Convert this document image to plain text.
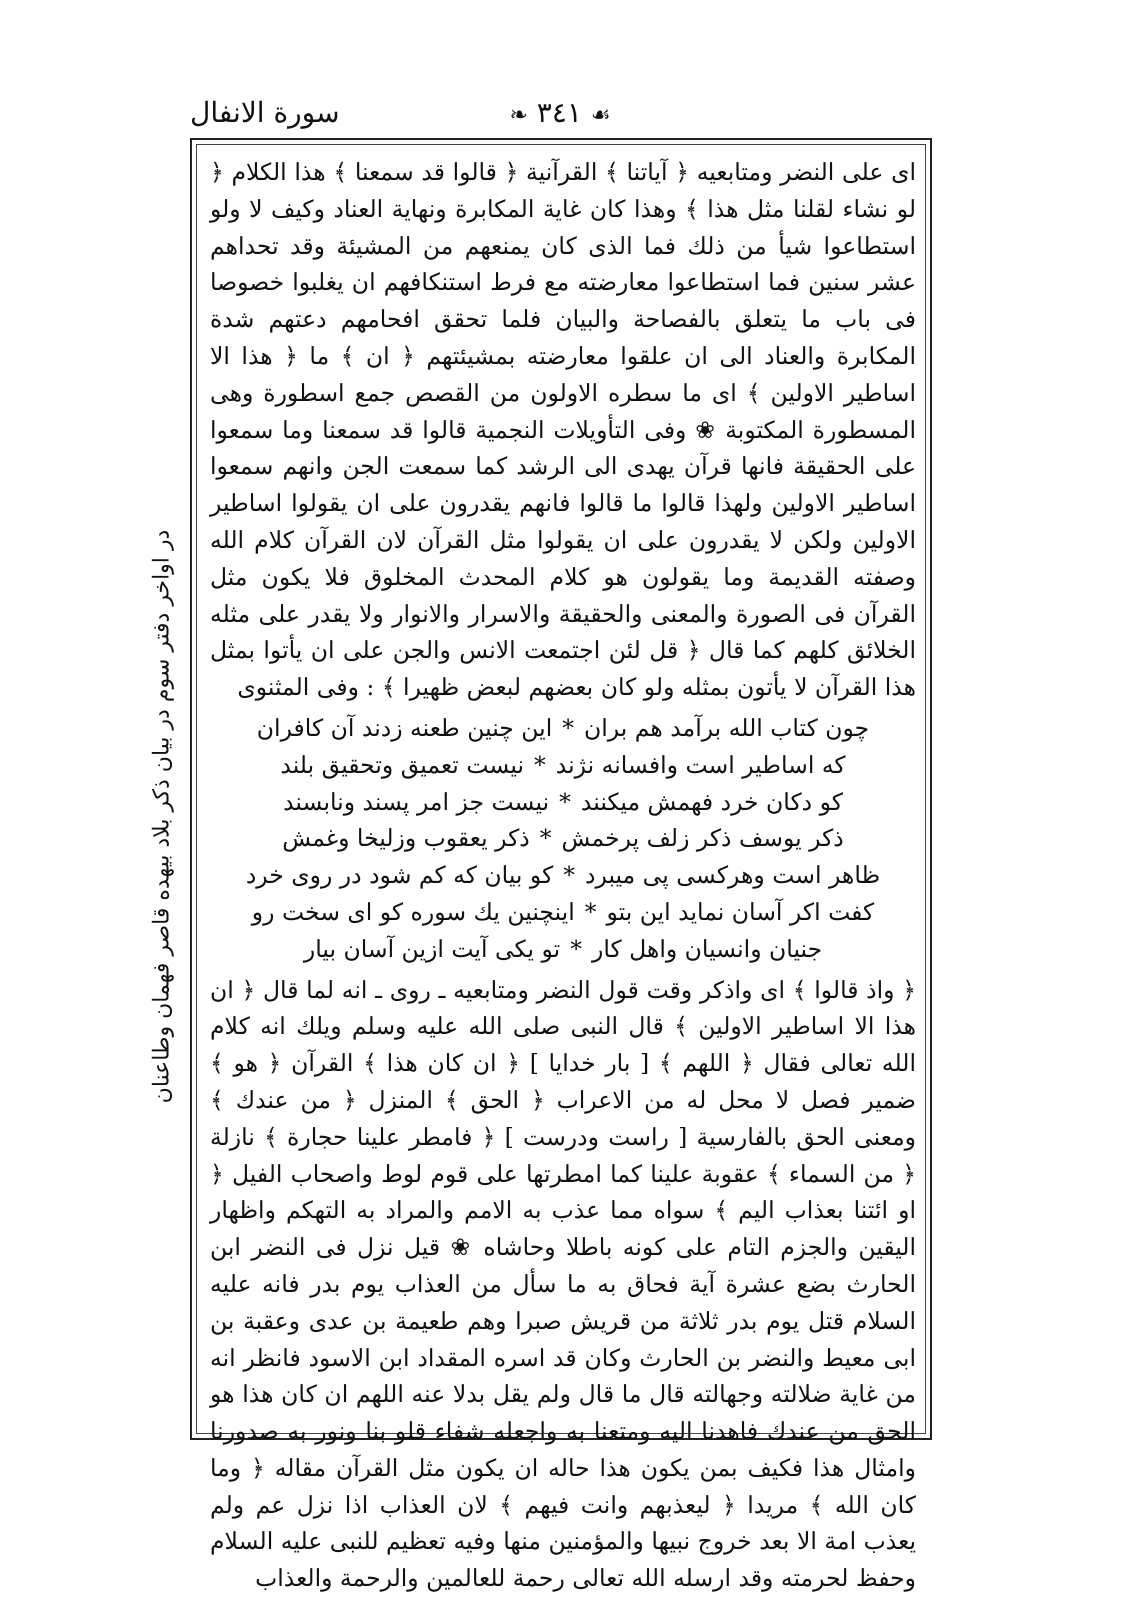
سورة الانفال	❧ ٣٤١ ☙
در اواخر دفتر سوم در بيان ذكر بلاد بيهده قاصر فهمان وطاعنان

اى على النضر ومتابعيه ﴿ آياتنا ﴾ القرآنية ﴿ قالوا قد سمعنا ﴾ هذا الكلام ﴿ لو نشاء لقلنا مثل هذا ﴾ وهذا كان غاية المكابرة ونهاية العناد وكيف لا ولو استطاعوا شيأ من ذلك فما الذى كان يمنعهم من المشيئة وقد تحداهم عشر سنين فما استطاعوا معارضته مع فرط استنكافهم ان يغلبوا خصوصا فى باب ما يتعلق بالفصاحة والبيان فلما تحقق افحامهم دعتهم شدة المكابرة والعناد الى ان علقوا معارضته بمشيئتهم ﴿ ان ﴾ ما ﴿ هذا الا اساطير الاولين ﴾ اى ما سطره الاولون من القصص جمع اسطورة وهى المسطورة المكتوبة ❀ وفى التأويلات النجمية قالوا قد سمعنا وما سمعوا على الحقيقة فانها قرآن يهدى الى الرشد كما سمعت الجن وانهم سمعوا اساطير الاولين ولهذا قالوا ما قالوا فانهم يقدرون على ان يقولوا اساطير الاولين ولكن لا يقدرون على ان يقولوا مثل القرآن لان القرآن كلام الله وصفته القديمة وما يقولون هو كلام المحدث المخلوق فلا يكون مثل القرآن فى الصورة والمعنى والحقيقة والاسرار والانوار ولا يقدر على مثله الخلائق كلهم كما قال ﴿ قل لئن اجتمعت الانس والجن على ان يأتوا بمثل هذا القرآن لا يأتون بمثله ولو كان بعضهم لبعض ظهيرا ﴾ : وفى المثنوى

چون كتاب الله برآمد هم بران
*
اين چنين طعنه زدند آن كافران
كه اساطير است وافسانه نژند
*
نيست تعميق وتحقيق بلند
كو دكان خرد فهمش ميكنند
*
نيست جز امر پسند ونابسند
ذكر يوسف ذكر زلف پرخمش
*
ذكر يعقوب وزليخا وغمش
ظاهر است وهركسى پى ميبرد
*
كو بيان كه كم شود در روى خرد
كفت اكر آسان نمايد اين بتو
*
اينچنين يك سوره كو اى سخت رو
جنيان وانسيان واهل كار
*
تو يكى آيت ازين آسان بيار

﴿ واذ قالوا ﴾ اى واذكر وقت قول النضر ومتابعيه ـ روى ـ انه لما قال ﴿ ان هذا الا اساطير الاولين ﴾ قال النبى صلى الله عليه وسلم ويلك انه كلام الله تعالى فقال ﴿ اللهم ﴾ [ بار خدايا ] ﴿ ان كان هذا ﴾ القرآن ﴿ هو ﴾ ضمير فصل لا محل له من الاعراب ﴿ الحق ﴾ المنزل ﴿ من عندك ﴾ ومعنى الحق بالفارسية [ راست ودرست ] ﴿ فامطر علينا حجارة ﴾ نازلة ﴿ من السماء ﴾ عقوبة علينا كما امطرتها على قوم لوط واصحاب الفيل ﴿ او ائتنا بعذاب اليم ﴾ سواه مما عذب به الامم والمراد به التهكم واظهار اليقين والجزم التام على كونه باطلا وحاشاه ❀ قيل نزل فى النضر ابن الحارث بضع عشرة آية فحاق به ما سأل من العذاب يوم بدر فانه عليه السلام قتل يوم بدر ثلاثة من قريش صبرا وهم طعيمة بن عدى وعقبة بن ابى معيط والنضر بن الحارث وكان قد اسره المقداد ابن الاسود فانظر انه من غاية ضلالته وجهالته قال ما قال ولم يقل بدلا عنه اللهم ان كان هذا هو الحق من عندك فاهدنا اليه ومتعنا به واجعله شفاء قلو بنا ونور به صدورنا وامثال هذا فكيف بمن يكون هذا حاله ان يكون مثل القرآن مقاله ﴿ وما كان الله ﴾ مريدا ﴿ ليعذبهم وانت فيهم ﴾ لان العذاب اذا نزل عم ولم يعذب امة الا بعد خروج نبيها والمؤمنين منها وفيه تعظيم للنبى عليه السلام وحفظ لحرمته وقد ارسله الله تعالى رحمة للعالمين والرحمة والعذاب
